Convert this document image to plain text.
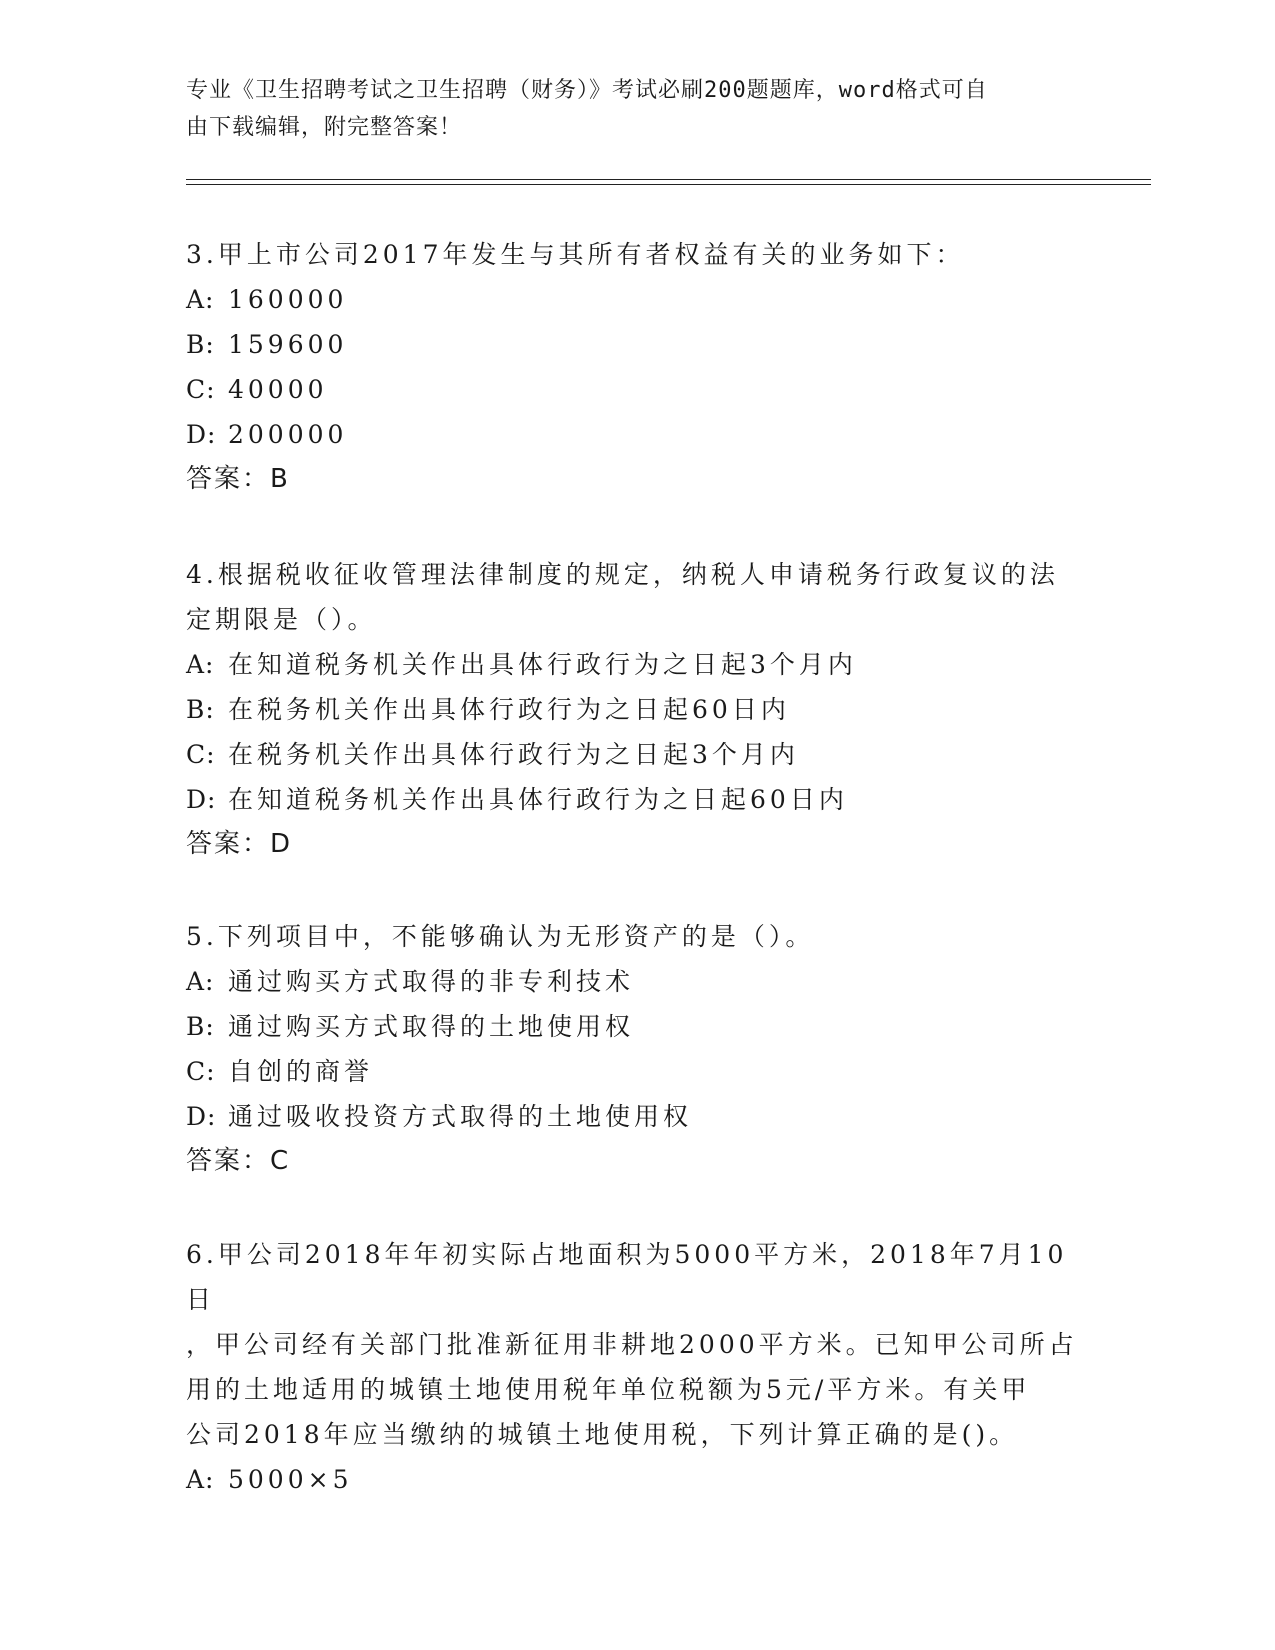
专业《卫生招聘考试之卫生招聘（财务）》考试必刷200题题库，word格式可自
由下载编辑，附完整答案！

3.甲上市公司2017年发生与其所有者权益有关的业务如下：

A: 160000

B: 159600

C: 40000

D: 200000

答案：B

4.根据税收征收管理法律制度的规定，纳税人申请税务行政复议的法

定期限是（）。

A: 在知道税务机关作出具体行政行为之日起3个月内

B: 在税务机关作出具体行政行为之日起60日内

C: 在税务机关作出具体行政行为之日起3个月内

D: 在知道税务机关作出具体行政行为之日起60日内

答案：D

5.下列项目中，不能够确认为无形资产的是（）。

A: 通过购买方式取得的非专利技术

B: 通过购买方式取得的土地使用权

C: 自创的商誉

D: 通过吸收投资方式取得的土地使用权

答案：C

6.甲公司2018年年初实际占地面积为5000平方米，2018年7月10日

，甲公司经有关部门批准新征用非耕地2000平方米。已知甲公司所占

用的土地适用的城镇土地使用税年单位税额为5元/平方米。有关甲

公司2018年应当缴纳的城镇土地使用税，下列计算正确的是()。

A: 5000×5
